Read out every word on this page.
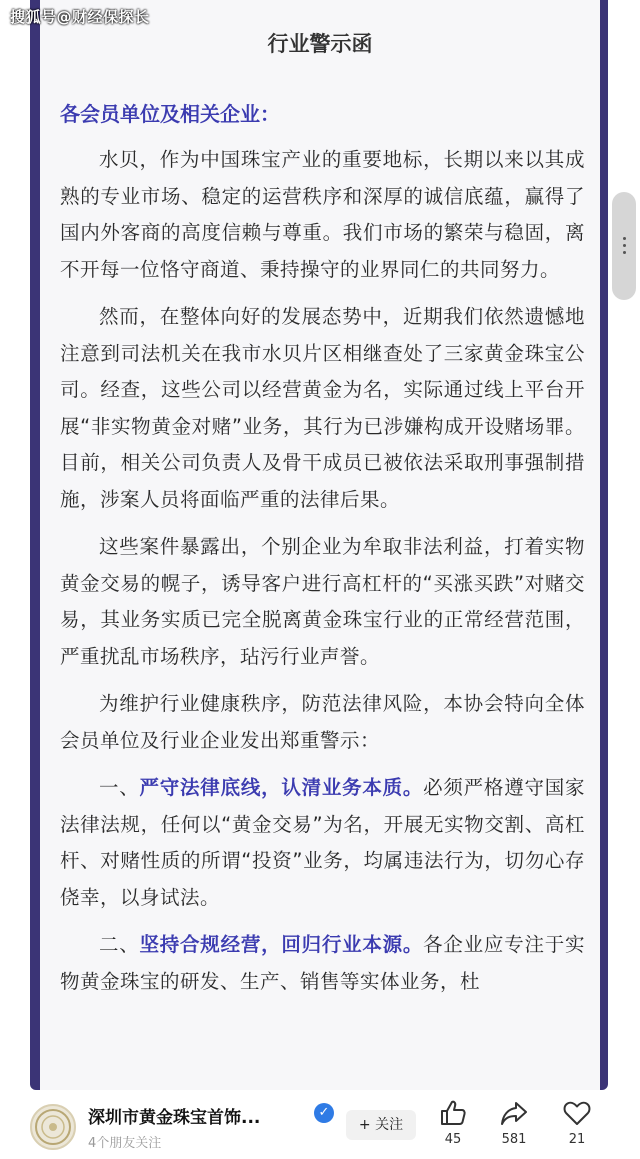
行业警示函
各会员单位及相关企业：

水贝，作为中国珠宝产业的重要地标，长期以来以其成熟的专业市场、稳定的运营秩序和深厚的诚信底蕴，赢得了国内外客商的高度信赖与尊重。我们市场的繁荣与稳固，离不开每一位恪守商道、秉持操守的业界同仁的共同努力。

然而，在整体向好的发展态势中，近期我们依然遗憾地注意到司法机关在我市水贝片区相继查处了三家黄金珠宝公司。经查，这些公司以经营黄金为名，实际通过线上平台开展“非实物黄金对赌”业务，其行为已涉嫌构成开设赌场罪。目前，相关公司负责人及骨干成员已被依法采取刑事强制措施，涉案人员将面临严重的法律后果。

这些案件暴露出，个别企业为牟取非法利益，打着实物黄金交易的幌子，诱导客户进行高杠杆的“买涨买跌”对赌交易，其业务实质已完全脱离黄金珠宝行业的正常经营范围，严重扰乱市场秩序，玷污行业声誉。

为维护行业健康秩序，防范法律风险，本协会特向全体会员单位及行业企业发出郑重警示：

一、严守法律底线，认清业务本质。必须严格遵守国家法律法规，任何以“黄金交易”为名，开展无实物交割、高杠杆、对赌性质的所谓“投资”业务，均属违法行为，切勿心存侥幸，以身试法。

二、坚持合规经营，回归行业本源。各企业应专注于实物黄金珠宝的研发、生产、销售等实体业务，杜

搜狐号@财经保探长
深圳市黄金珠宝首饰...	✓
4个朋友关注
+ 关注
45	581	21
